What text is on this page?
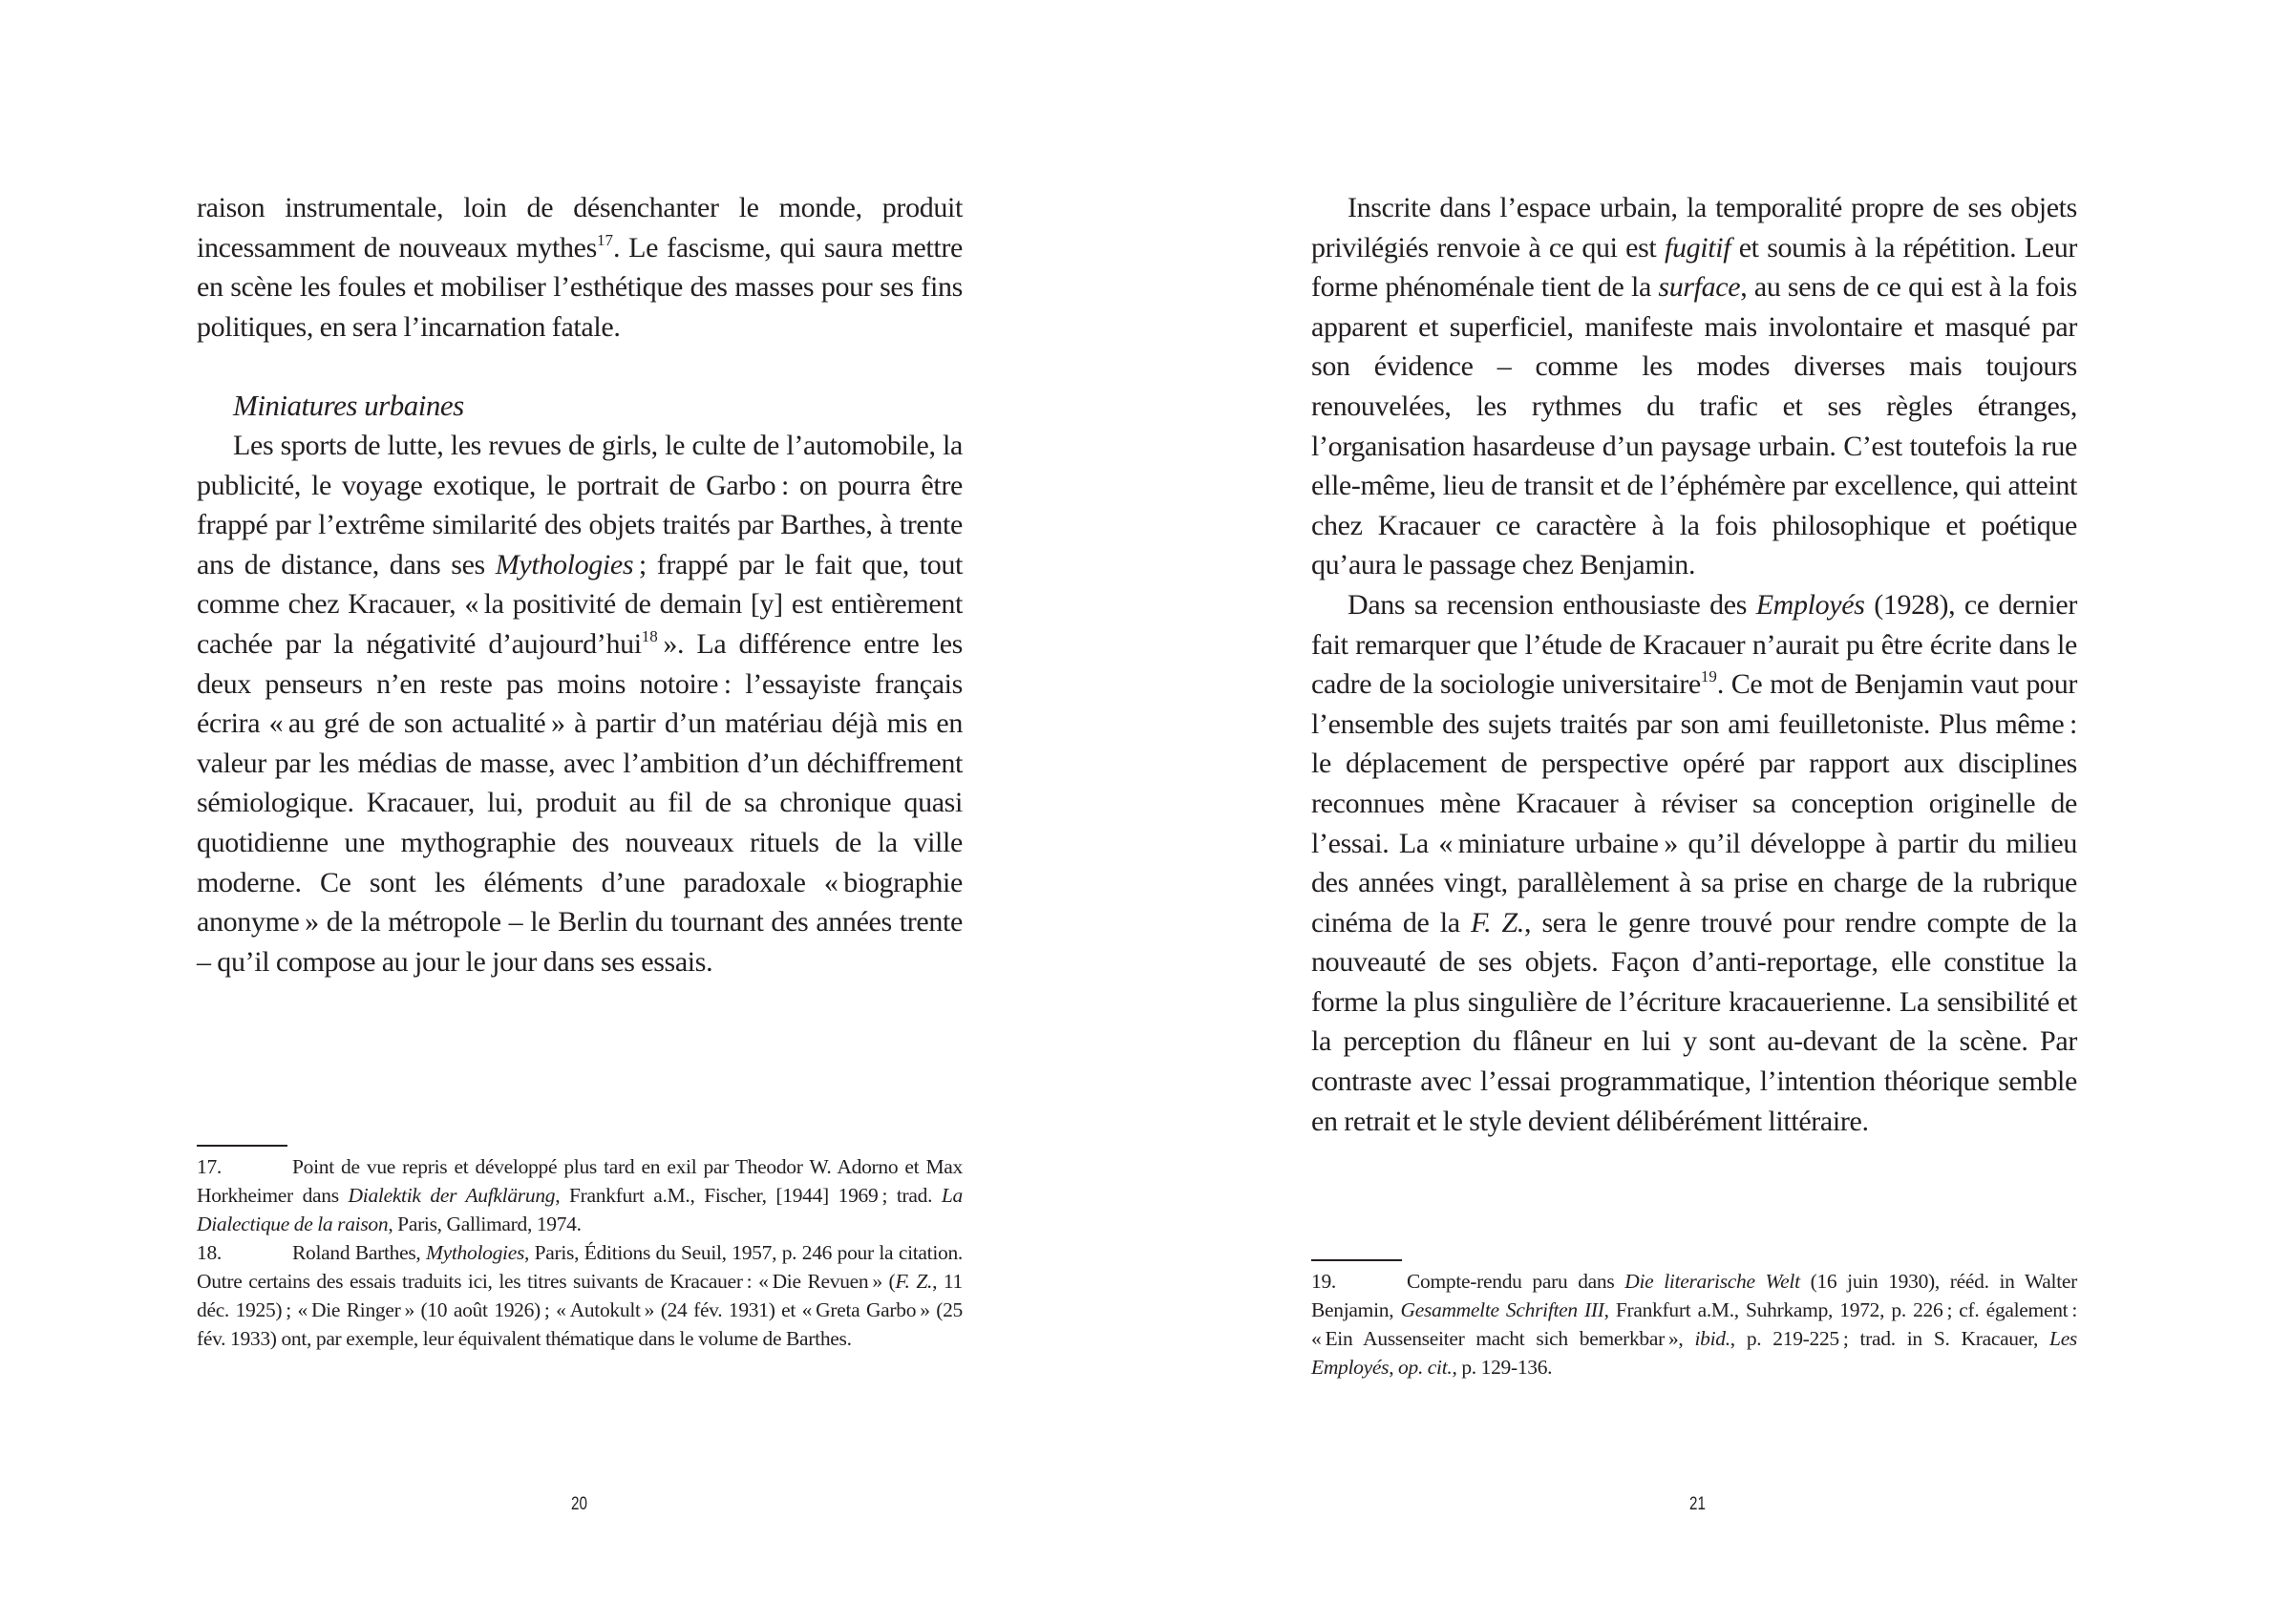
raison instrumentale, loin de désenchanter le monde, produit incessamment de nouveaux mythes$^{17}$. Le fascisme, qui saura mettre en scène les foules et mobiliser l’esthétique des masses pour ses fins politiques, en sera l’incarnation fatale.

Miniatures urbaines

Les sports de lutte, les revues de girls, le culte de l’automobile, la publicité, le voyage exotique, le portrait de Garbo : on pourra être frappé par l’extrême similarité des objets traités par Barthes, à trente ans de distance, dans ses Mythologies ; frappé par le fait que, tout comme chez Kracauer, « la positivité de demain [y] est entièrement cachée par la négativité d’aujourd’hui$^{18}$ ». La différence entre les deux penseurs n’en reste pas moins notoire : l’essayiste français écrira « au gré de son actualité » à partir d’un matériau déjà mis en valeur par les médias de masse, avec l’ambition d’un déchiffrement sémiologique. Kracauer, lui, produit au fil de sa chronique quasi quotidienne une mythographie des nouveaux rituels de la ville moderne. Ce sont les éléments d’une paradoxale « biographie anonyme » de la métropole – le Berlin du tournant des années trente – qu’il compose au jour le jour dans ses essais.

17.	Point de vue repris et développé plus tard en exil par Theodor W. Adorno et Max Horkheimer dans Dialektik der Aufklärung, Frankfurt a.M., Fischer, [1944] 1969 ; trad. La Dialectique de la raison, Paris, Gallimard, 1974.

18.	Roland Barthes, Mythologies, Paris, Éditions du Seuil, 1957, p. 246 pour la citation. Outre certains des essais traduits ici, les titres suivants de Kracauer : « Die Revuen » (F. Z., 11 déc. 1925) ; « Die Ringer » (10 août 1926) ; « Autokult » (24 fév. 1931) et « Greta Garbo » (25 fév. 1933) ont, par exemple, leur équivalent thématique dans le volume de Barthes.

20

Inscrite dans l’espace urbain, la temporalité propre de ses objets privilégiés renvoie à ce qui est fugitif et soumis à la répétition. Leur forme phénoménale tient de la surface, au sens de ce qui est à la fois apparent et superficiel, manifeste mais involontaire et masqué par son évidence – comme les modes diverses mais toujours renouvelées, les rythmes du trafic et ses règles étranges, l’organisation hasardeuse d’un paysage urbain. C’est toutefois la rue elle-même, lieu de transit et de l’éphémère par excellence, qui atteint chez Kracauer ce caractère à la fois philosophique et poétique qu’aura le passage chez Benjamin.

Dans sa recension enthousiaste des Employés (1928), ce dernier fait remarquer que l’étude de Kracauer n’aurait pu être écrite dans le cadre de la sociologie universitaire$^{19}$. Ce mot de Benjamin vaut pour l’ensemble des sujets traités par son ami feuilletoniste. Plus même : le déplacement de perspective opéré par rapport aux disciplines reconnues mène Kracauer à réviser sa conception originelle de l’essai. La « miniature urbaine » qu’il développe à partir du milieu des années vingt, parallèlement à sa prise en charge de la rubrique cinéma de la F. Z., sera le genre trouvé pour rendre compte de la nouveauté de ses objets. Façon d’anti-reportage, elle constitue la forme la plus singulière de l’écriture kracauerienne. La sensibilité et la perception du flâneur en lui y sont au-devant de la scène. Par contraste avec l’essai programmatique, l’intention théorique semble en retrait et le style devient délibérément littéraire.

19.	Compte-rendu paru dans Die literarische Welt (16 juin 1930), rééd. in Walter Benjamin, Gesammelte Schriften III, Frankfurt a.M., Suhrkamp, 1972, p. 226 ; cf. également : « Ein Aussenseiter macht sich bemerkbar », ibid., p. 219-225 ; trad. in S. Kracauer, Les Employés, op. cit., p. 129-136.

21
